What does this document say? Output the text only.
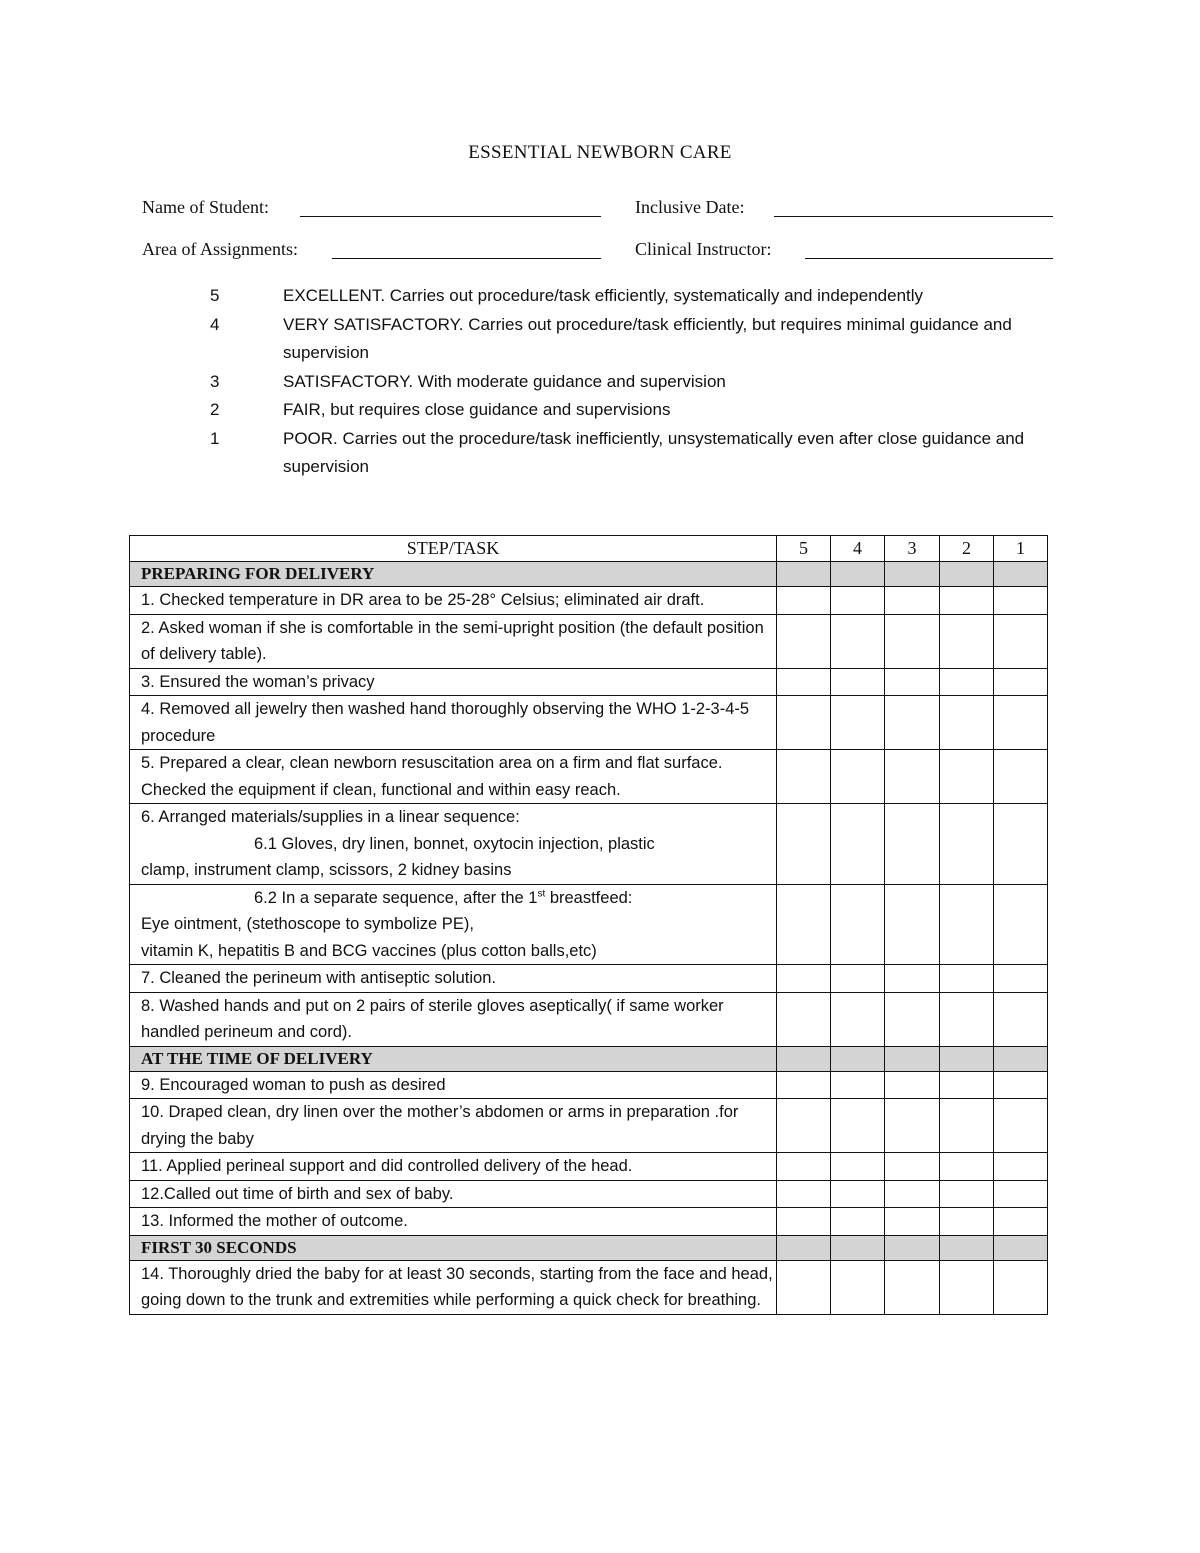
ESSENTIAL NEWBORN CARE
Name of Student:	Inclusive Date:
Area of Assignments:	Clinical Instructor:
5	EXCELLENT. Carries out procedure/task efficiently, systematically and independently
4	VERY SATISFACTORY. Carries out procedure/task efficiently, but requires minimal guidance and supervision
3	SATISFACTORY. With moderate guidance and supervision
2	FAIR, but requires close guidance and supervisions
1	POOR. Carries out the procedure/task inefficiently, unsystematically even after close guidance and supervision
STEP/TASK	5	4	3	2	1
PREPARING FOR DELIVERY					
1. Checked temperature in DR area to be 25-28° Celsius; eliminated air draft.					
2. Asked woman if she is comfortable in the semi-upright position (the default position of delivery table).					
3. Ensured the woman’s privacy					
4. Removed all jewelry then washed hand thoroughly observing the WHO 1-2-3-4-5 procedure					
5. Prepared a clear, clean newborn resuscitation area on a firm and flat surface. Checked the equipment if clean, functional and within easy reach.					

6. Arranged materials/supplies in a linear sequence:
6.1 Gloves, dry linen, bonnet, oxytocin injection, plastic
clamp, instrument clamp, scissors, 2 kidney basins					

6.2 In a separate sequence, after the 1st breastfeed:
Eye ointment, (stethoscope to symbolize PE),
vitamin K, hepatitis B and BCG vaccines (plus cotton balls,etc)					

7. Cleaned the perineum with antiseptic solution.					
8. Washed hands and put on 2 pairs of sterile gloves aseptically( if same worker handled perineum and cord).					
AT THE TIME OF DELIVERY					
9. Encouraged woman to push as desired					
10. Draped clean, dry linen over the mother’s abdomen or arms in preparation .for drying the baby					
11. Applied perineal support and did controlled delivery of the head.					
12.Called out time of birth and sex of baby.					
13. Informed the mother of outcome.					
FIRST 30 SECONDS					
14. Thoroughly dried the baby for at least 30 seconds, starting from the face and head, going down to the trunk and extremities while performing a quick check for breathing.					
